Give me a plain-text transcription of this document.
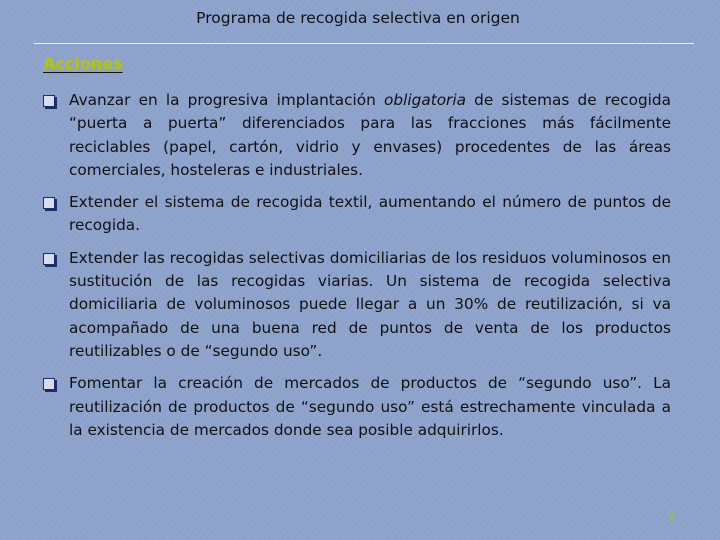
Programa de recogida selectiva en origen
Acciones
Avanzar en la progresiva implantación obligatoria de sistemas de recogida “puerta a puerta” diferenciados para las fracciones más fácilmente reciclables (papel, cartón, vidrio y envases) procedentes de las áreas comerciales, hosteleras e industriales.
Extender el sistema de recogida textil, aumentando el número de puntos de recogida.
Extender las recogidas selectivas domiciliarias de los residuos voluminosos en sustitución de las recogidas viarias. Un sistema de recogida selectiva domiciliaria de voluminosos puede llegar a un 30% de reutilización, si va acompañado de una buena red de puntos de venta de los productos reutilizables o de “segundo uso”.
Fomentar la creación de mercados de productos de “segundo uso”. La reutilización de productos de “segundo uso” está estrechamente vinculada a la existencia de mercados donde sea posible adquirirlos.
9
